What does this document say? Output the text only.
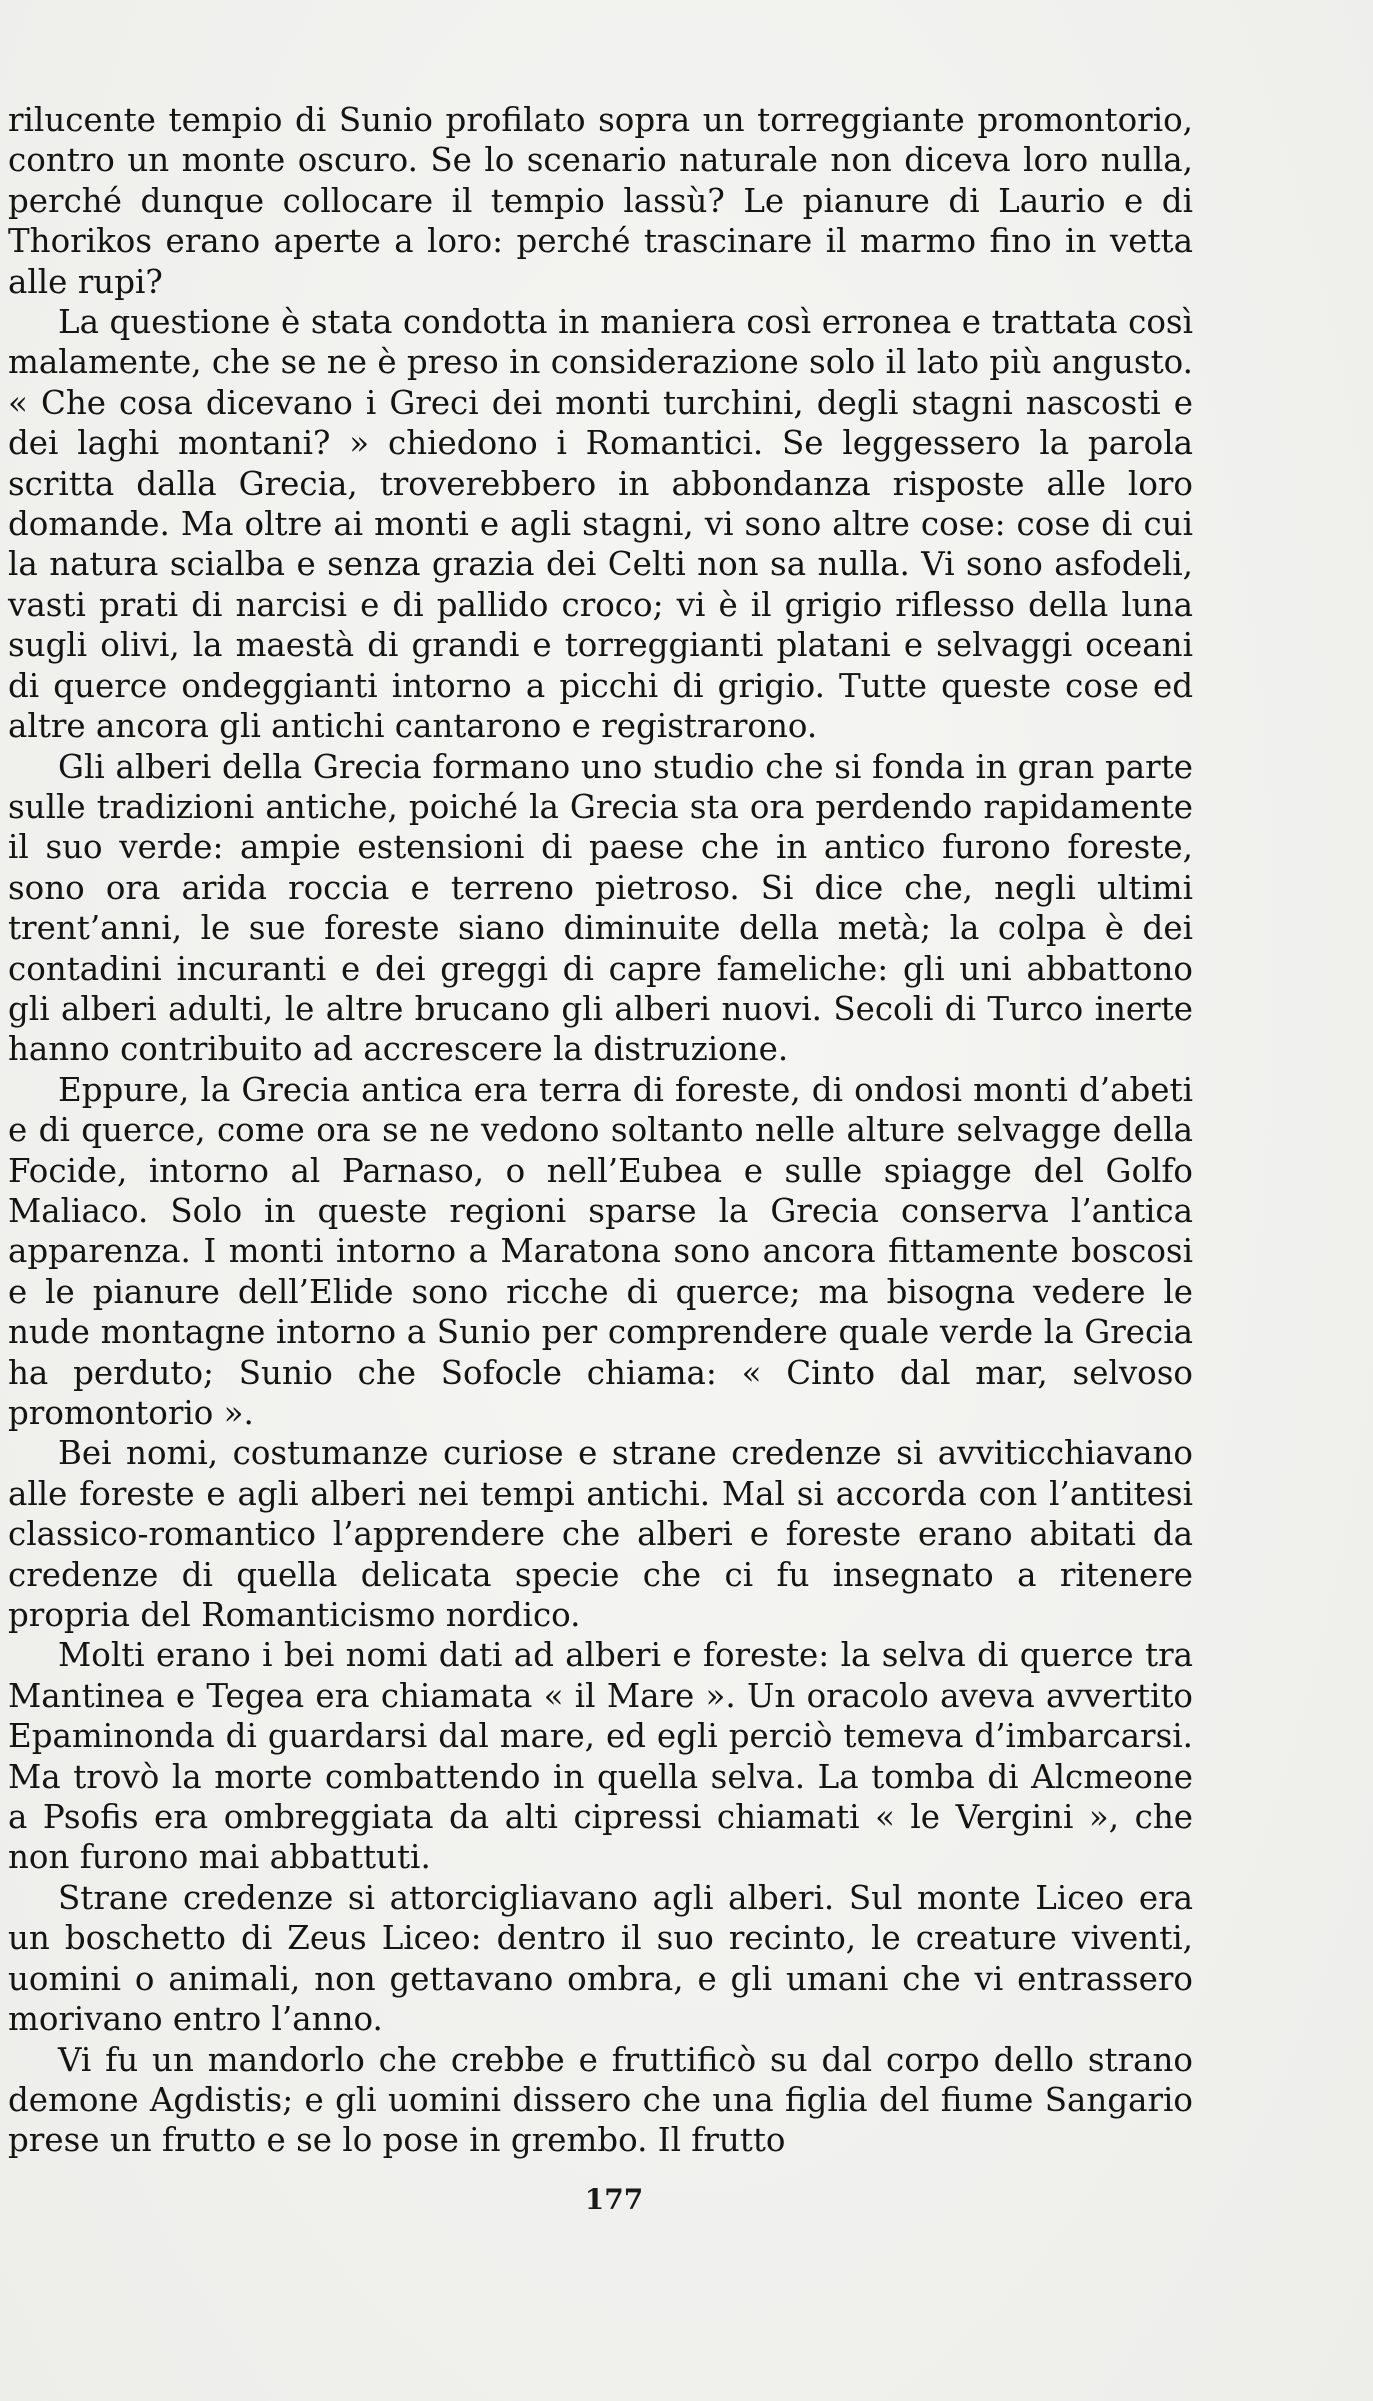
rilucente tempio di Sunio profilato sopra un torreggiante promontorio, contro un monte oscuro. Se lo scenario naturale non diceva loro nulla, perché dunque collocare il tempio lassù? Le pianure di Laurio e di Thorikos erano aperte a loro: perché trascinare il marmo fino in vetta alle rupi?

La questione è stata condotta in maniera così erronea e trattata così malamente, che se ne è preso in considerazione solo il lato più angusto. « Che cosa dicevano i Greci dei monti turchini, degli stagni nascosti e dei laghi montani? » chiedono i Romantici. Se leggessero la parola scritta dalla Grecia, troverebbero in abbondanza risposte alle loro domande. Ma oltre ai monti e agli stagni, vi sono altre cose: cose di cui la natura scialba e senza grazia dei Celti non sa nulla. Vi sono asfodeli, vasti prati di narcisi e di pallido croco; vi è il grigio riflesso della luna sugli olivi, la maestà di grandi e torreggianti platani e selvaggi oceani di querce ondeggianti intorno a picchi di grigio. Tutte queste cose ed altre ancora gli antichi cantarono e registrarono.

Gli alberi della Grecia formano uno studio che si fonda in gran parte sulle tradizioni antiche, poiché la Grecia sta ora perdendo rapidamente il suo verde: ampie estensioni di paese che in antico furono foreste, sono ora arida roccia e terreno pietroso. Si dice che, negli ultimi trent’anni, le sue foreste siano diminuite della metà; la colpa è dei contadini incuranti e dei greggi di capre fameliche: gli uni abbattono gli alberi adulti, le altre brucano gli alberi nuovi. Secoli di Turco inerte hanno contribuito ad accrescere la distruzione.

Eppure, la Grecia antica era terra di foreste, di ondosi monti d’abeti e di querce, come ora se ne vedono soltanto nelle alture selvagge della Focide, intorno al Parnaso, o nell’Eubea e sulle spiagge del Golfo Maliaco. Solo in queste regioni sparse la Grecia conserva l’antica apparenza. I monti intorno a Maratona sono ancora fittamente boscosi e le pianure dell’Elide sono ricche di querce; ma bisogna vedere le nude montagne intorno a Sunio per comprendere quale verde la Grecia ha perduto; Sunio che Sofocle chiama: « Cinto dal mar, selvoso promontorio ».

Bei nomi, costumanze curiose e strane credenze si avviticchiavano alle foreste e agli alberi nei tempi antichi. Mal si accorda con l’antitesi classico-romantico l’apprendere che alberi e foreste erano abitati da credenze di quella delicata specie che ci fu insegnato a ritenere propria del Romanticismo nordico.

Molti erano i bei nomi dati ad alberi e foreste: la selva di querce tra Mantinea e Tegea era chiamata « il Mare ». Un oracolo aveva avvertito Epaminonda di guardarsi dal mare, ed egli perciò temeva d’imbarcarsi. Ma trovò la morte combattendo in quella selva. La tomba di Alcmeone a Psofis era ombreggiata da alti cipressi chiamati « le Vergini », che non furono mai abbattuti.

Strane credenze si attorcigliavano agli alberi. Sul monte Liceo era un boschetto di Zeus Liceo: dentro il suo recinto, le creature viventi, uomini o animali, non gettavano ombra, e gli umani che vi entrassero morivano entro l’anno.

Vi fu un mandorlo che crebbe e fruttificò su dal corpo dello strano demone Agdistis; e gli uomini dissero che una figlia del fiume Sangario prese un frutto e se lo pose in grembo. Il frutto

177
